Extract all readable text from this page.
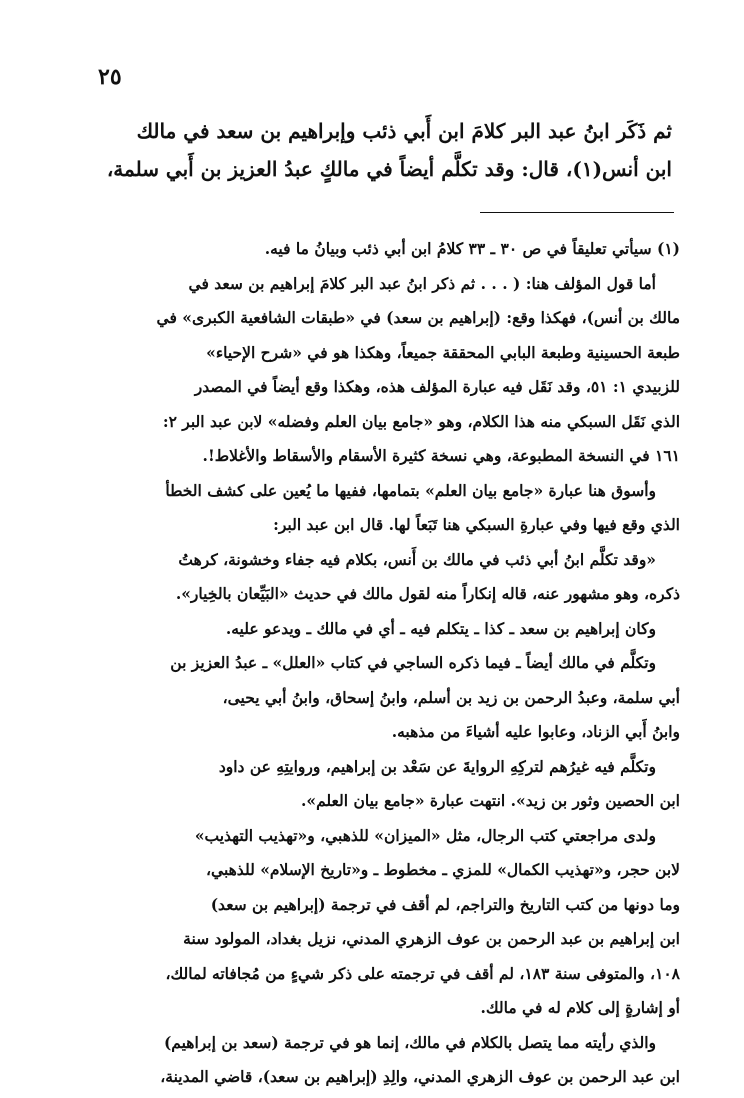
٢٥
ثم ذَكَر ابنُ عبد البر كلامَ ابن أَبي ذئب وإبراهيم بن سعد في مالك
ابن أنس(١)، قال: وقد تكلَّم أيضاً في مالكٍ عبدُ العزيز بن أَبي سلمة،
(١) سيأتي تعليقاً في ص ٣٠ ـ ٣٣ كلامُ ابن أبي ذئب وبيانُ ما فيه.
أما قول المؤلف هنا: ( . . . ثم ذكر ابنُ عبد البر كلامَ إبراهيم بن سعد في
مالك بن أنس)، فهكذا وقع: (إبراهيم بن سعد) في «طبقات الشافعية الكبرى» في
طبعة الحسينية وطبعة البابي المحققة جميعاً، وهكذا هو في «شرح الإحياء»
للزبيدي ١: ٥١، وقد نَقَل فيه عبارة المؤلف هذه، وهكذا وقع أيضاً في المصدر
الذي نَقَل السبكي منه هذا الكلام، وهو «جامع بيان العلم وفضله» لابن عبد البر ٢:
١٦١ في النسخة المطبوعة، وهي نسخة كثيرة الأسقام والأسقاط والأغلاط!.
وأسوق هنا عبارة «جامع بيان العلم» بتمامها، ففيها ما يُعين على كشف الخطأ
الذي وقع فيها وفي عبارةِ السبكي هنا تَبَعاً لها. قال ابن عبد البر:
«وقد تكلَّم ابنُ أبي ذئب في مالك بن أَنس، بكلام فيه جفاء وخشونة، كرهتُ
ذكره، وهو مشهور عنه، قاله إنكاراً منه لقول مالك في حديث «البَيِّعان بالخِيار».
وكان إبراهيم بن سعد ـ كذا ـ يتكلم فيه ـ أي في مالك ـ ويدعو عليه.
وتكلَّم في مالك أيضاً ـ فيما ذكره الساجي في كتاب «العلل» ـ عبدُ العزيز بن
أبي سلمة، وعبدُ الرحمن بن زيد بن أسلم، وابنُ إسحاق، وابنُ أبي يحيى،
وابنُ أَبي الزناد، وعابوا عليه أشياءَ من مذهبه.
وتكلَّم فيه غيرُهم لتركِهِ الروايةَ عن سَعْد بن إبراهيم، وروايتِهِ عن داود
ابن الحصين وثور بن زيد». انتهت عبارة «جامع بيان العلم».
ولدى مراجعتي كتب الرجال، مثل «الميزان» للذهبي، و«تهذيب التهذيب»
لابن حجر، و«تهذيب الكمال» للمزي ـ مخطوط ـ و«تاريخ الإسلام» للذهبي،
وما دونها من كتب التاريخ والتراجم، لم أقف في ترجمة (إبراهيم بن سعد)
ابن إبراهيم بن عبد الرحمن بن عوف الزهري المدني، نزيل بغداد، المولود سنة
١٠٨، والمتوفى سنة ١٨٣، لم أقف في ترجمته على ذكر شيءٍ من مُجافاته لمالك،
أو إشارةٍ إلى كلام له في مالك.
والذي رأيته مما يتصل بالكلام في مالك، إنما هو في ترجمة (سعد بن إبراهيم)
ابن عبد الرحمن بن عوف الزهري المدني، والِدِ (إبراهيم بن سعد)، قاضي المدينة،
